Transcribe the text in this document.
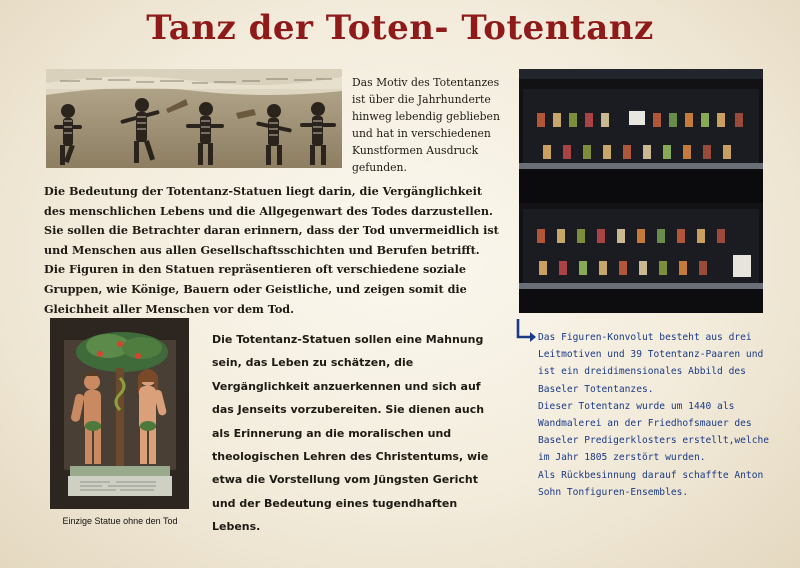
Tanz der Toten- Totentanz
Das Motiv des Totentanzes ist über die Jahrhunderte hinweg lebendig geblieben und hat in verschiedenen Kunstformen Ausdruck gefunden.
Die Bedeutung der Totentanz-Statuen liegt darin, die Vergänglichkeit des menschlichen Lebens und die Allgegenwart des Todes darzustellen. Sie sollen die Betrachter daran erinnern, dass der Tod unvermeidlich ist und Menschen aus allen Gesellschaftsschichten und Berufen betrifft. Die Figuren in den Statuen repräsentieren oft verschiedene soziale Gruppen, wie Könige, Bauern oder Geistliche, und zeigen somit die Gleichheit aller Menschen vor dem Tod.
Einzige Statue ohne den Tod
Die Totentanz-Statuen sollen eine Mahnung sein, das Leben zu schätzen, die Vergänglichkeit anzuerkennen und sich auf das Jenseits vorzubereiten. Sie dienen auch als Erinnerung an die moralischen und theologischen Lehren des Christentums, wie etwa die Vorstellung vom Jüngsten Gericht und der Bedeutung eines tugendhaften Lebens.
Das Figuren-Konvolut besteht aus drei Leitmotiven und 39 Totentanz-Paaren und ist ein dreidimensionales Abbild des Baseler Totentanzes.
Dieser Totentanz wurde um 1440 als Wandmalerei an der Friedhofsmauer des Baseler Predigerklosters erstellt,welche im Jahr 1805 zerstört wurden.
Als Rückbesinnung darauf schaffte Anton Sohn Tonfiguren-Ensembles.
